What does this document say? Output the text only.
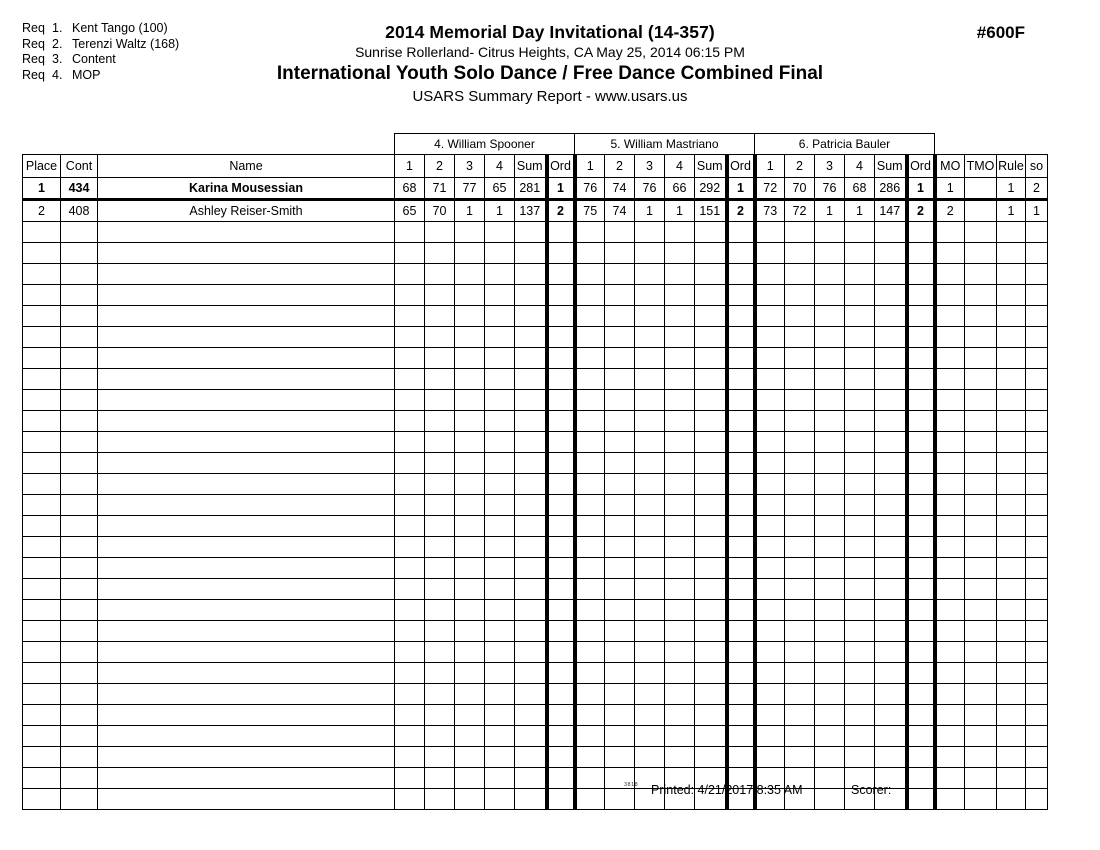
Req 1. Kent Tango (100)
Req 2. Terenzi Waltz (168)
Req 3. Content
Req 4. MOP
2014 Memorial Day Invitational (14-357)
Sunrise Rollerland- Citrus Heights, CA May 25, 2014 06:15 PM
International Youth Solo Dance / Free Dance Combined Final
USARS Summary Report - www.usars.us
#600F
			4. William Spooner						5. William Mastriano						6. Patricia Bauler									
Place	Cont	Name	1	2	3	4	Sum	Ord	1	2	3	4	Sum	Ord	1	2	3	4	Sum	Ord	MO	TMO	Rule	so
1	434	Karina Mousessian	68	71	77	65	281	1	76	74	76	66	292	1	72	70	76	68	286	1	1		1	2
2	408	Ashley Reiser-Smith	65	70	1	1	137	2	75	74	1	1	151	2	73	72	1	1	147	2	2		1	1

3818 Printed: 4/21/2017 8:35 AM	Scorer:
